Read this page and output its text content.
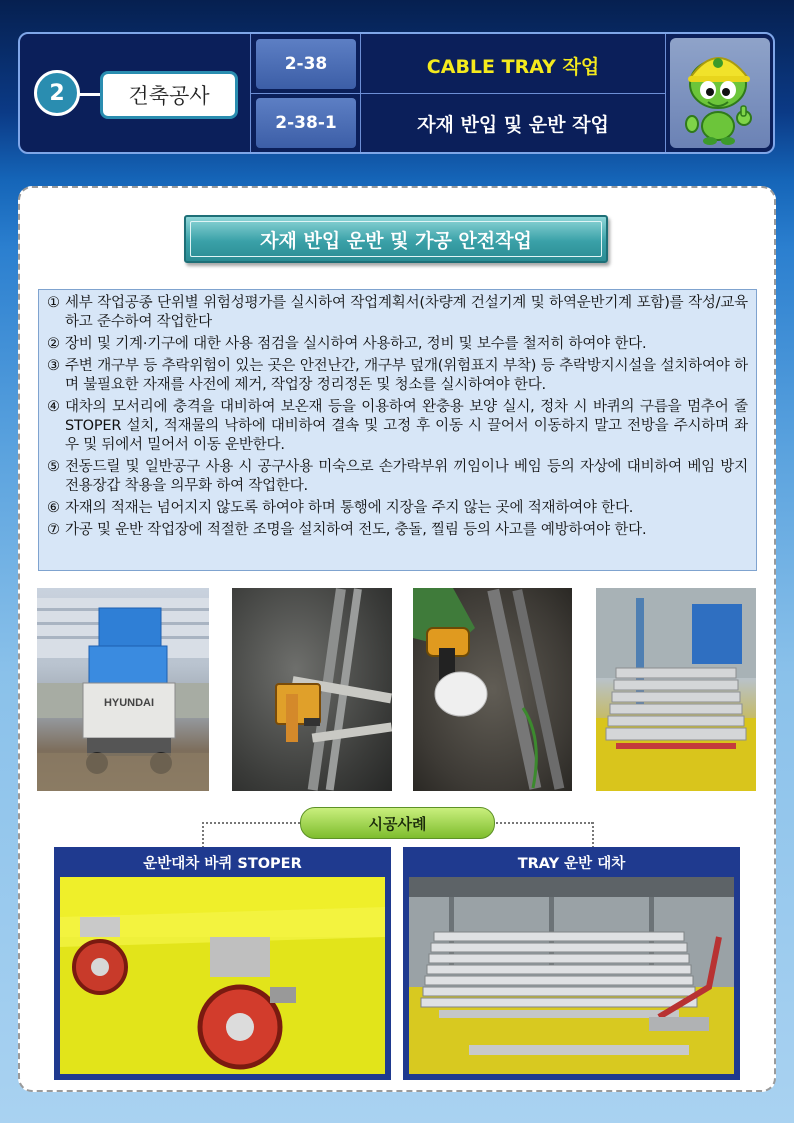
2	건축공사
2-38	CABLE TRAY 작업
2-38-1	자재 반입 및 운반 작업
자재 반입 운반 및 가공 안전작업
① 세부 작업공종 단위별 위험성평가를 실시하여 작업계획서(차량계 건설기계 및 하역운반기계 포함)를 작성/교육하고 준수하여 작업한다
② 장비 및 기계·기구에 대한 사용 점검을 실시하여 사용하고, 정비 및 보수를 철저히 하여야 한다.
③ 주변 개구부 등 추락위험이 있는 곳은 안전난간, 개구부 덮개(위험표지 부착) 등 추락방지시설을 설치하여야 하며 불필요한 자재를 사전에 제거, 작업장 정리정돈 및 청소를 실시하여야 한다.
④ 대차의 모서리에 충격을 대비하여 보온재 등을 이용하여 완충용 보양 실시, 정차 시 바퀴의 구름을 멈추어 줄 STOPER 설치, 적재물의 낙하에 대비하여 결속 및 고정 후 이동 시 끌어서 이동하지 말고 전방을 주시하며 좌우 및 뒤에서 밀어서 이동 운반한다.
⑤ 전동드릴 및 일반공구 사용 시 공구사용 미숙으로 손가락부위 끼임이나 베임 등의 자상에 대비하여 베임 방지 전용장갑 착용을 의무화 하여 작업한다.
⑥ 자재의 적재는 넘어지지 않도록 하여야 하며 통행에 지장을 주지 않는 곳에 적재하여야 한다.
⑦ 가공 및 운반 작업장에 적절한 조명을 설치하여 전도, 충돌, 찔림 등의 사고를 예방하여야 한다.
HYUNDAI
시공사례
운반대차 바퀴 STOPER	TRAY 운반 대차
